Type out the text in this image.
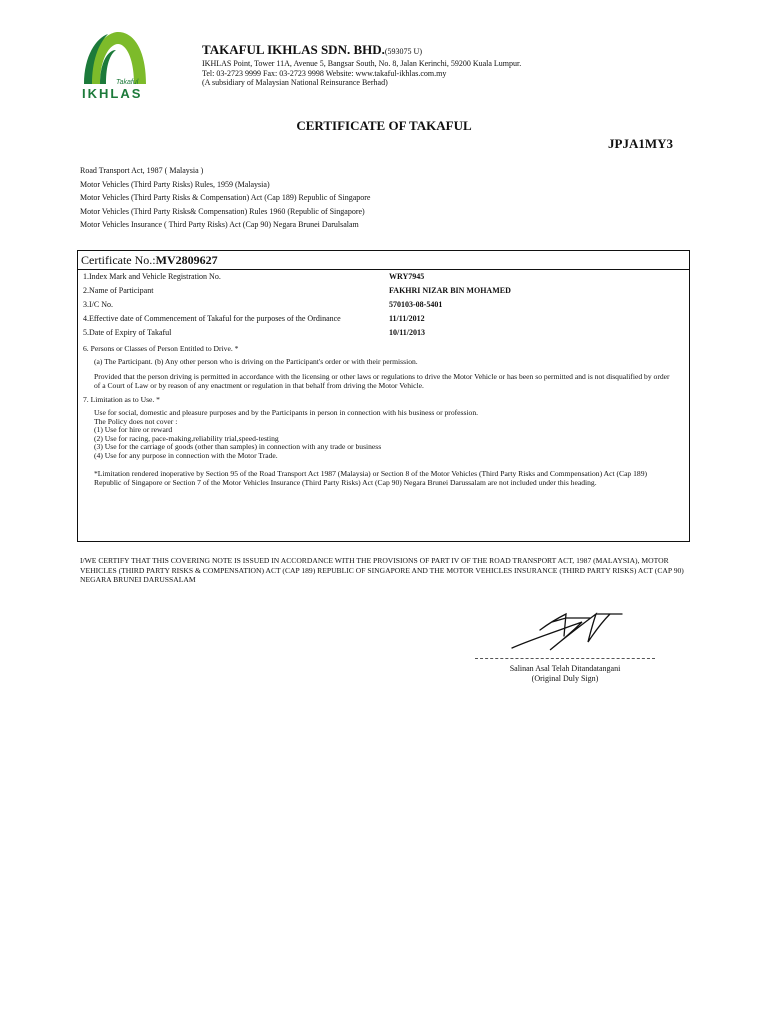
Takaful
IKHLAS
TAKAFUL IKHLAS SDN. BHD.(593075 U)
IKHLAS Point, Tower 11A, Avenue 5, Bangsar South, No. 8, Jalan Kerinchi, 59200 Kuala Lumpur.
Tel: 03-2723 9999 Fax: 03-2723 9998 Website: www.takaful-ikhlas.com.my
(A subsidiary of Malaysian National Reinsurance Berhad)
CERTIFICATE OF TAKAFUL
JPJA1MY3
Road Transport Act, 1987 ( Malaysia )
Motor Vehicles (Third Party Risks) Rules, 1959 (Malaysia)
Motor Vehicles (Third Party Risks & Compensation) Act (Cap 189) Republic of Singapore
Motor Vehicles (Third Party Risks& Compensation) Rules 1960 (Republic of Singapore)
Motor Vehicles Insurance ( Third Party Risks) Act (Cap 90) Negara Brunei Darulsalam
Certificate No.:MV2809627
1.Index Mark and Vehicle Registration No.	WRY7945
2.Name of Participant	FAKHRI NIZAR BIN MOHAMED
3.I/C No.	570103-08-5401
4.Effective date of Commencement of Takaful for the purposes of the Ordinance	11/11/2012
5.Date of Expiry of Takaful	10/11/2013
6. Persons or Classes of Person Entitled to Drive. *
(a) The Participant. (b) Any other person who is driving on the Participant's order or with their permission.
Provided that the person driving is permitted in accordance with the licensing or other laws or regulations to drive the Motor Vehicle or has been so permitted and is not disqualified by order of a Court of Law or by reason of any enactment or regulation in that behalf from driving the Motor Vehicle.
7. Limitation as to Use. *
Use for social, domestic and pleasure purposes and by the Participants in person in connection with his business or profession.
The Policy does not cover :
(1) Use for hire or reward
(2) Use for racing, pace-making,reliability trial,speed-testing
(3) Use for the carriage of goods (other than samples) in connection with any trade or business
(4) Use for any purpose in connection with the Motor Trade.
*Limitation rendered inoperative by Section 95 of the Road Transport Act 1987 (Malaysia) or Section 8 of the Motor Vehicles (Third Party Risks and Commpensation) Act (Cap 189) Republic of Singapore or Section 7 of the Motor Vehicles Insurance (Third Party Risks) Act (Cap 90) Negara Brunei Darussalam are not included under this heading.
I/WE CERTIFY THAT THIS COVERING NOTE IS ISSUED IN ACCORDANCE WITH THE PROVISIONS OF PART IV OF THE ROAD TRANSPORT ACT, 1987 (MALAYSIA), MOTOR VEHICLES (THIRD PARTY RISKS & COMPENSATION) ACT (CAP 189) REPUBLIC OF SINGAPORE AND THE MOTOR VEHICLES INSURANCE (THIRD PARTY RISKS) ACT (CAP 90) NEGARA BRUNEI DARUSSALAM
Salinan Asal Telah Ditandatangani
(Original Duly Sign)
